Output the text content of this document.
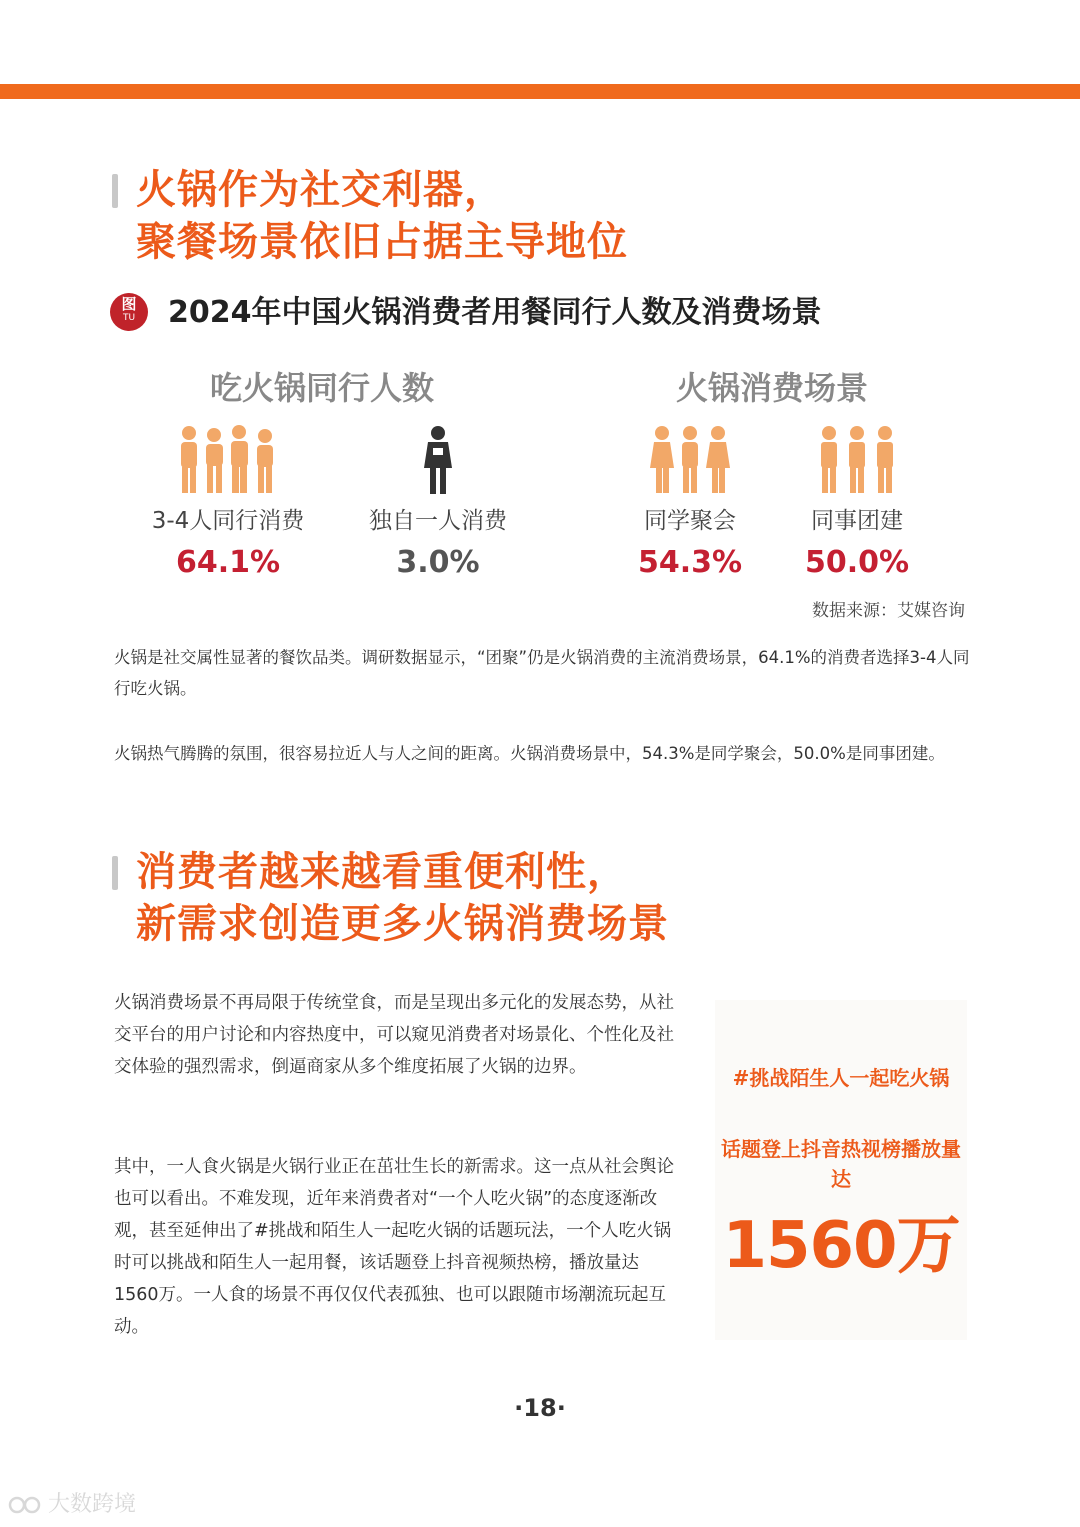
火锅作为社交利器，
聚餐场景依旧占据主导地位
图
TU	2024年中国火锅消费者用餐同行人数及消费场景
吃火锅同行人数	火锅消费场景
3-4人同行消费
64.1%
独自一人消费
3.0%
同学聚会
54.3%
同事团建
50.0%
数据来源：艾媒咨询
火锅是社交属性显著的餐饮品类。调研数据显示，“团聚”仍是火锅消费的主流消费场景，64.1%的消费者选择3-4人同行吃火锅。
火锅热气腾腾的氛围，很容易拉近人与人之间的距离。火锅消费场景中，54.3%是同学聚会，50.0%是同事团建。
消费者越来越看重便利性，
新需求创造更多火锅消费场景
火锅消费场景不再局限于传统堂食，而是呈现出多元化的发展态势，从社交平台的用户讨论和内容热度中，可以窥见消费者对场景化、个性化及社交体验的强烈需求，倒逼商家从多个维度拓展了火锅的边界。
其中，一人食火锅是火锅行业正在茁壮生长的新需求。这一点从社会舆论也可以看出。不难发现，近年来消费者对“一个人吃火锅”的态度逐渐改观，甚至延伸出了#挑战和陌生人一起吃火锅的话题玩法，一个人吃火锅时可以挑战和陌生人一起用餐，该话题登上抖音视频热榜，播放量达1560万。一人食的场景不再仅仅代表孤独、也可以跟随市场潮流玩起互动。
#挑战陌生人一起吃火锅
话题登上抖音热视榜播放量达
1560万
·18·
大数跨境
